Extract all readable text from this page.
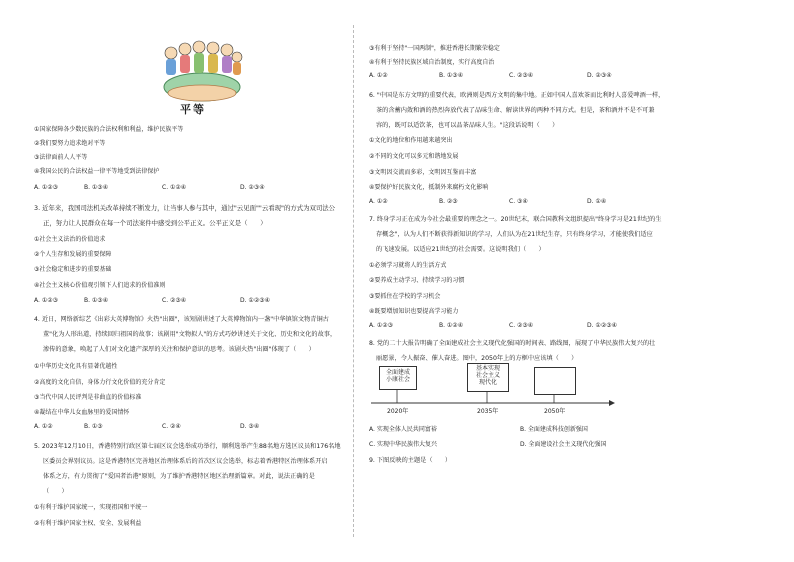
平等
①国家保障各少数民族的合法权利和利益，维护民族平等
②我们要努力追求绝对平等
③法律面前人人平等
④我国公民的合法权益一律平等地受到法律保护
A. ①②③	B. ①③④	C. ①②④	D. ②③④
3. 近年来，我国司法机关改革持续不断发力，让当事人参与其中，通过"云见面""云看现"的方式为双司法公
正，努力让人民群众在每一个司法案件中感受到公平正义。公平正义是（　　）
①社会主义法治的价值追求
②个人生存和发展的重要保障
③社会稳定和进步的重要基础
④社会主义核心价值观引领下人们追求的价值准则
A. ①②③	B. ①③④	C. ②③④	D. ①②③④
4. 近日，网络新综艺《出彩大英博物馆》火热"出圈"，该短剧讲述了大英博物馆内一盏"中华镇馆文物青铜古
董"化为人形出道，持续回归祖国的故事；该剧用"文物拟人"的方式巧妙讲述关于文化、历史和文化的故事，
渗传的意象，唤起了人们对文化遗产深厚的关注和保护意识的思考。该剧火热"出圈"体现了（　　）
①中华历史文化具有显著优越性
②高度的文化自信，身体力行文化价值的充分肯定
③当代中国人民评判是非曲直的价值标准
④凝结在中华儿女血脉里的爱国情怀
A. ①②	B. ①③	C. ②④	D. ③④
5. 2023年12月10日，香港特别行政区第七届区议会选举成功举行，顺利选举产生88名地方选区议员和176名地
区委员会界别议员。这是香港特区完善地区治理体系后的首次区议会选举，标志着香港特区治理体系开启
体系之方，有力贯彻了"爱国者治港"原则，为了维护香港特区地区治理新篇章。对此，说法正确的是
（　　）
①有利于维护国家统一，实现祖国和平统一
②有利于维护国家主权、安全、发展利益
③有利于坚持"一国两制"，推进香港长期繁荣稳定
④有利于坚持民族区域自治制度，实行高度自治
A. ①②	B. ①③④	C. ②③④	D. ②③④
6. "中国是东方文明的重要代表，欧洲则是西方文明的集中地。正如中国人喜欢茶而比利时人喜爱啤酒一样，
茶的含蓄内敛和酒的热烈奔放代表了品味生命、解读世界的两种不同方式。但是，茶和酒并不是不可兼
容的，既可以适饮茶，也可以品茶品味人生。"这段话说明（　　）
①文化的地位和作用越来越突出
②不同的文化可以多元和谐地发展
③文明因交流而多彩，文明因互鉴而丰富
④要保护好民族文化，抵制外来腐朽文化影响
A. ①②	B. ②③	C. ③④	D. ①④
7. 终身学习正在成为今社会最重要的理念之一。20世纪末，联合国教科文组织提出"终身学习是21世纪的生
存概念"，认为人们不断获得新知识的学习，人们认为在21世纪生存，只有终身学习，才能使我们适应
的飞速发展。以适应21世纪的社会需要。这说明我们（　　）
①必须学习就将人的生活方式
②要养成主动学习、持续学习的习惯
③要抓住在学校的学习机会
④既要增加知识也要提高学习能力
A. ①②③	B. ①②④	C. ②③④	D. ①②③④
8. 党的二十大报告明确了全面建成社会主义现代化强国的时间表、路线图，展现了中华民族伟大复兴的壮
丽愿景，令人振奋、催人奋进。图中，2050年上的方框中应该填（　　）
全面建成
小康社会
基本实现
社会主义
现代化
2020年	2035年	2050年
A. 实现全体人民共同富裕	B. 全面建成科技创新强国
C. 实现中华民族伟大复兴	D. 全面建设社会主义现代化强国
9. 下图反映的主题是（　　）
